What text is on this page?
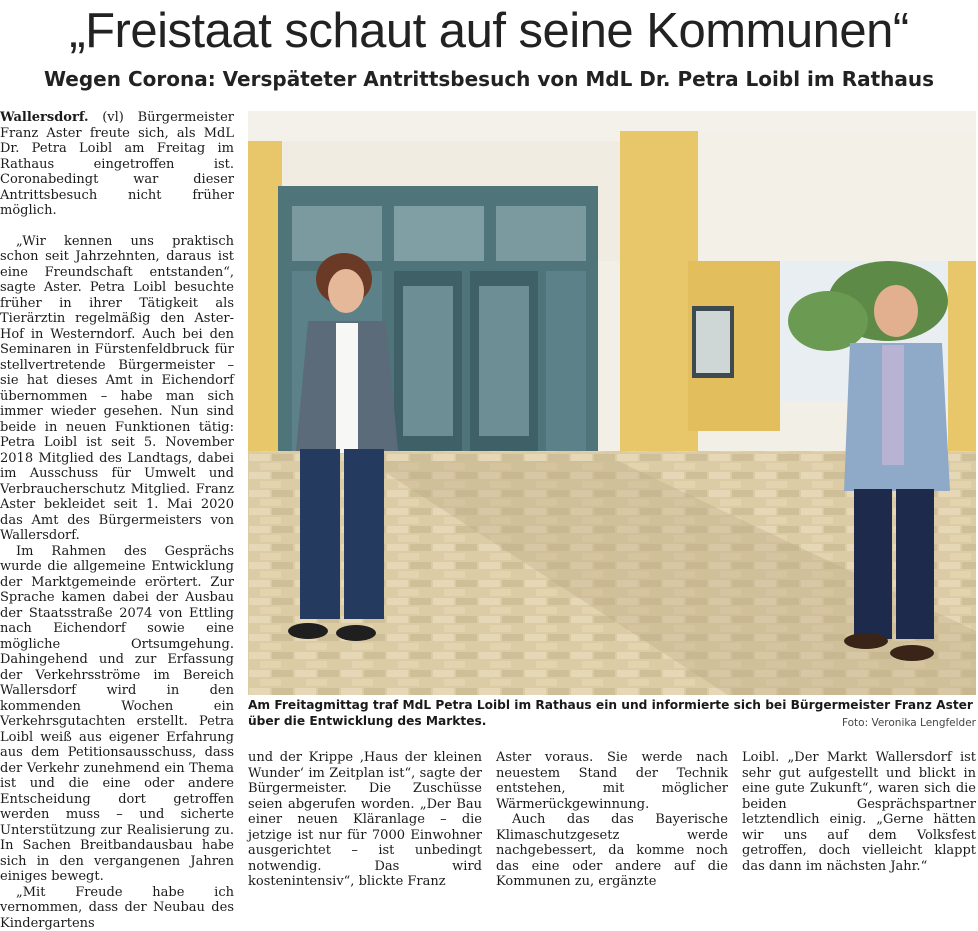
„Freistaat schaut auf seine Kommunen“
Wegen Corona: Verspäteter Antrittsbesuch von MdL Dr. Petra Loibl im Rathaus

Wallersdorf. (vl) Bürgermeister Franz Aster freute sich, als MdL Dr. Petra Loibl am Freitag im Rathaus eingetroffen ist. Coronabedingt war dieser Antrittsbesuch nicht früher möglich.

„Wir kennen uns praktisch schon seit Jahrzehnten, daraus ist eine Freundschaft entstanden“, sagte Aster. Petra Loibl besuchte früher in ihrer Tätigkeit als Tierärztin regelmäßig den Aster-Hof in Westerndorf. Auch bei den Seminaren in Fürstenfeldbruck für stellvertretende Bürgermeister – sie hat dieses Amt in Eichendorf übernommen – habe man sich immer wieder gesehen. Nun sind beide in neuen Funktionen tätig: Petra Loibl ist seit 5. November 2018 Mitglied des Landtags, dabei im Ausschuss für Umwelt und Verbraucherschutz Mitglied. Franz Aster bekleidet seit 1. Mai 2020 das Amt des Bürgermeisters von Wallersdorf.

Im Rahmen des Gesprächs wurde die allgemeine Entwicklung der Marktgemeinde erörtert. Zur Sprache kamen dabei der Ausbau der Staatsstraße 2074 von Ettling nach Eichendorf sowie eine mögliche Ortsumgehung. Dahingehend und zur Erfassung der Verkehrsströme im Bereich Wallersdorf wird in den kommenden Wochen ein Verkehrsgutachten erstellt. Petra Loibl weiß aus eigener Erfahrung aus dem Petitionsausschuss, dass der Verkehr zunehmend ein Thema ist und die eine oder andere Entscheidung dort getroffen werden muss – und sicherte Unterstützung zur Realisierung zu. In Sachen Breitbandausbau habe sich in den vergangenen Jahren einiges bewegt.

„Mit Freude habe ich vernommen, dass der Neubau des Kindergartens

Am Freitagmittag traf MdL Petra Loibl im Rathaus ein und informierte sich bei Bürgermeister Franz Aster über die Entwicklung des Marktes.	Foto: Veronika Lengfelder

und der Krippe ‚Haus der kleinen Wunder‘ im Zeitplan ist“, sagte der Bürgermeister. Die Zuschüsse seien abgerufen worden. „Der Bau einer neuen Kläranlage – die jetzige ist nur für 7000 Einwohner ausgerichtet – ist unbedingt notwendig. Das wird kostenintensiv“, blickte Franz

Aster voraus. Sie werde nach neuestem Stand der Technik entstehen, mit möglicher Wärmerückgewinnung.

Auch das das Bayerische Klimaschutzgesetz werde nachgebessert, da komme noch das eine oder andere auf die Kommunen zu, ergänzte

Loibl. „Der Markt Wallersdorf ist sehr gut aufgestellt und blickt in eine gute Zukunft“, waren sich die beiden Gesprächspartner letztendlich einig. „Gerne hätten wir uns auf dem Volksfest getroffen, doch vielleicht klappt das dann im nächsten Jahr.“
